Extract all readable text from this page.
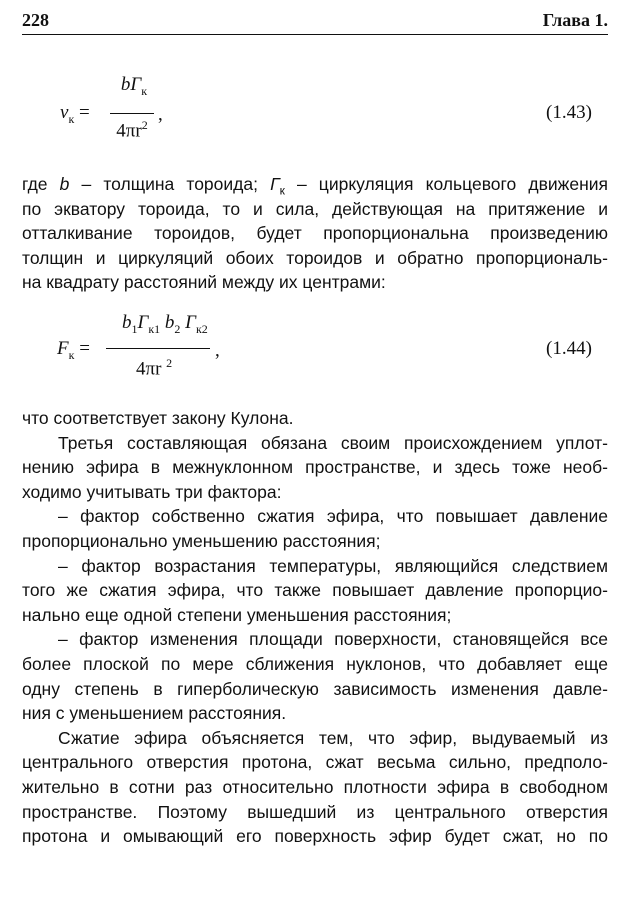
228	Глава 1.
$v_к$ =
$bГ_к$
$4\pi r^2$ ,	(1.43)
где b – толщина тороида; $Г_к$ – циркуляция кольцевого движения
по экватору тороида, то и сила, действующая на притяжение и
отталкивание тороидов, будет пропорциональна произведению
толщин и циркуляций обоих тороидов и обратно пропорциональ-
на квадрату расстояний между их центрами:
$F_к$ =
$b_1Г_{к1}$ $b_2$ $Г_{к2}$
4πr $^2$
,	(1.44)
что соответствует закону Кулона.
Третья составляющая обязана своим происхождением уплот-
нению эфира в межнуклонном пространстве, и здесь тоже необ-
ходимо учитывать три фактора:
– фактор собственно сжатия эфира, что повышает давление
пропорционально уменьшению расстояния;
– фактор возрастания температуры, являющийся следствием
того же сжатия эфира, что также повышает давление пропорцио-
нально еще одной степени уменьшения расстояния;
– фактор изменения площади поверхности, становящейся все
более плоской по мере сближения нуклонов, что добавляет еще
одну степень в гиперболическую зависимость изменения давле-
ния с уменьшением расстояния.
Сжатие эфира объясняется тем, что эфир, выдуваемый из
центрального отверстия протона, сжат весьма сильно, предполо-
жительно в сотни раз относительно плотности эфира в свободном
пространстве. Поэтому вышедший из центрального отверстия
протона и омывающий его поверхность эфир будет сжат, но по
